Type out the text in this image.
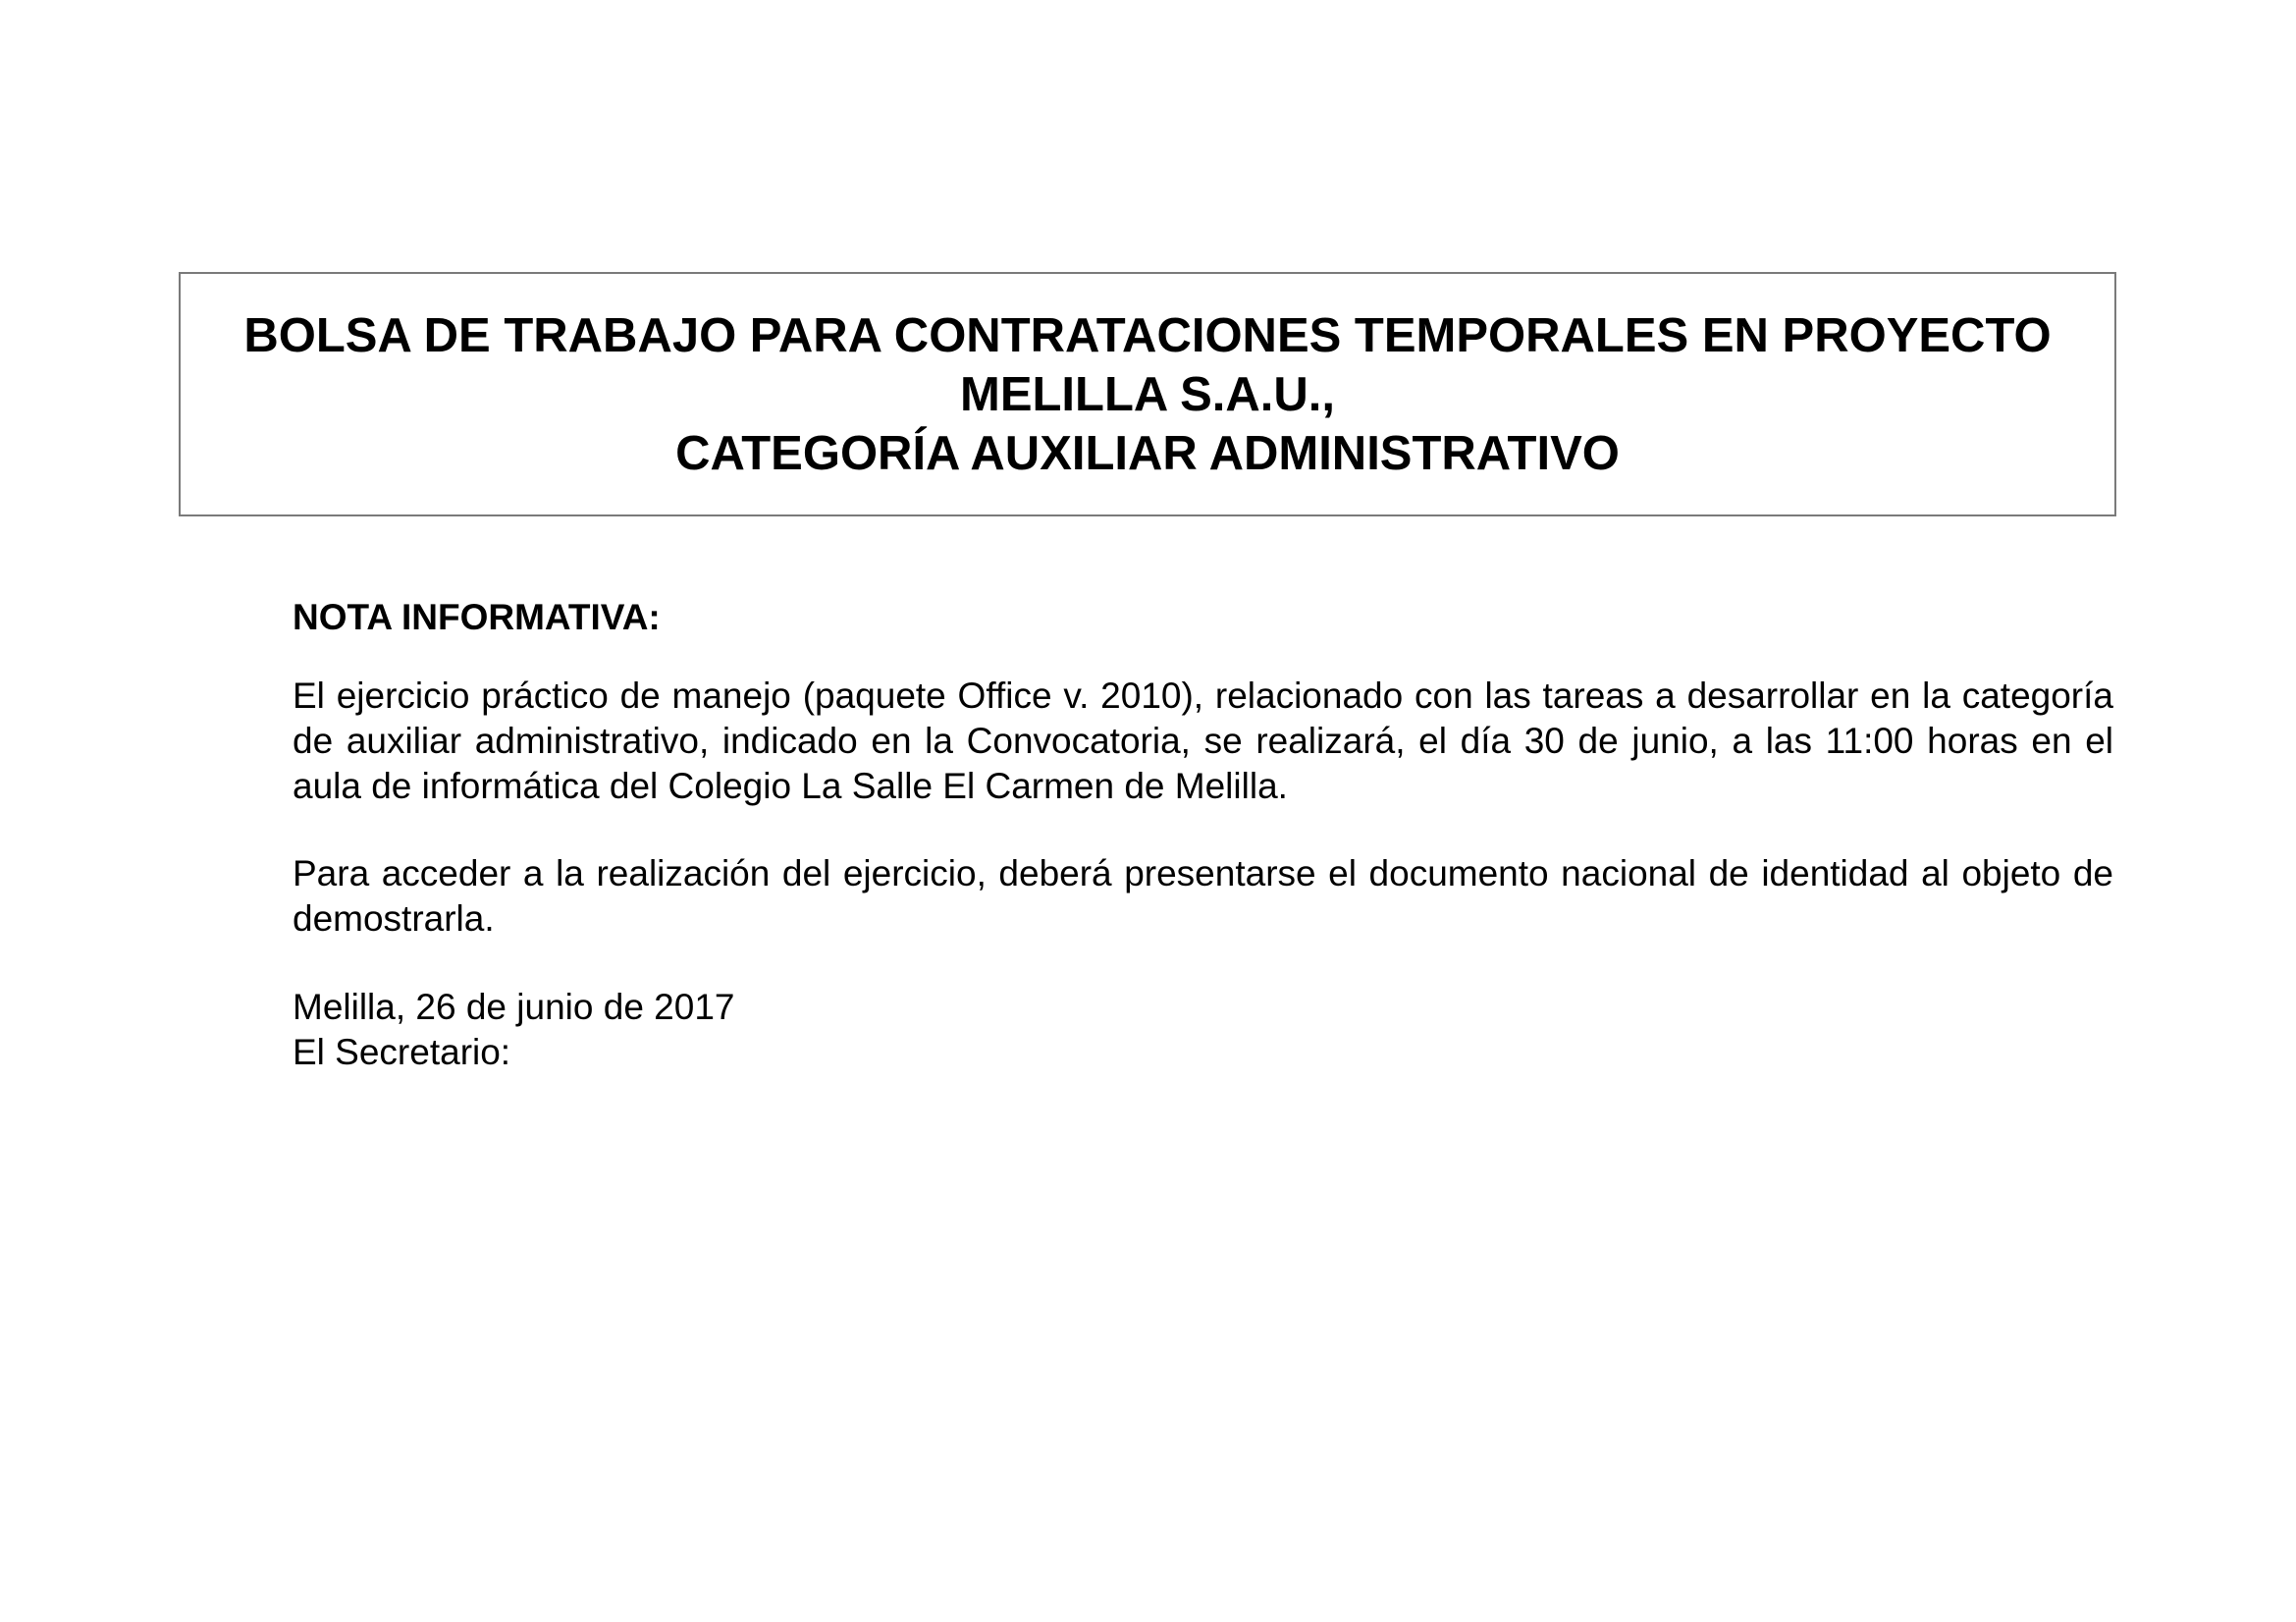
BOLSA DE TRABAJO PARA CONTRATACIONES TEMPORALES EN PROYECTO
MELILLA S.A.U.,
CATEGORÍA AUXILIAR ADMINISTRATIVO
NOTA INFORMATIVA:
El ejercicio práctico de manejo (paquete Office v. 2010), relacionado con las tareas a desarrollar en la categoría de auxiliar administrativo, indicado en la Convocatoria, se realizará, el día 30 de junio, a las 11:00 horas en el aula de informática del Colegio La Salle El Carmen de Melilla.
Para acceder a la realización del ejercicio, deberá presentarse el documento nacional de identidad al objeto de demostrarla.
Melilla, 26 de junio de 2017
El Secretario:
